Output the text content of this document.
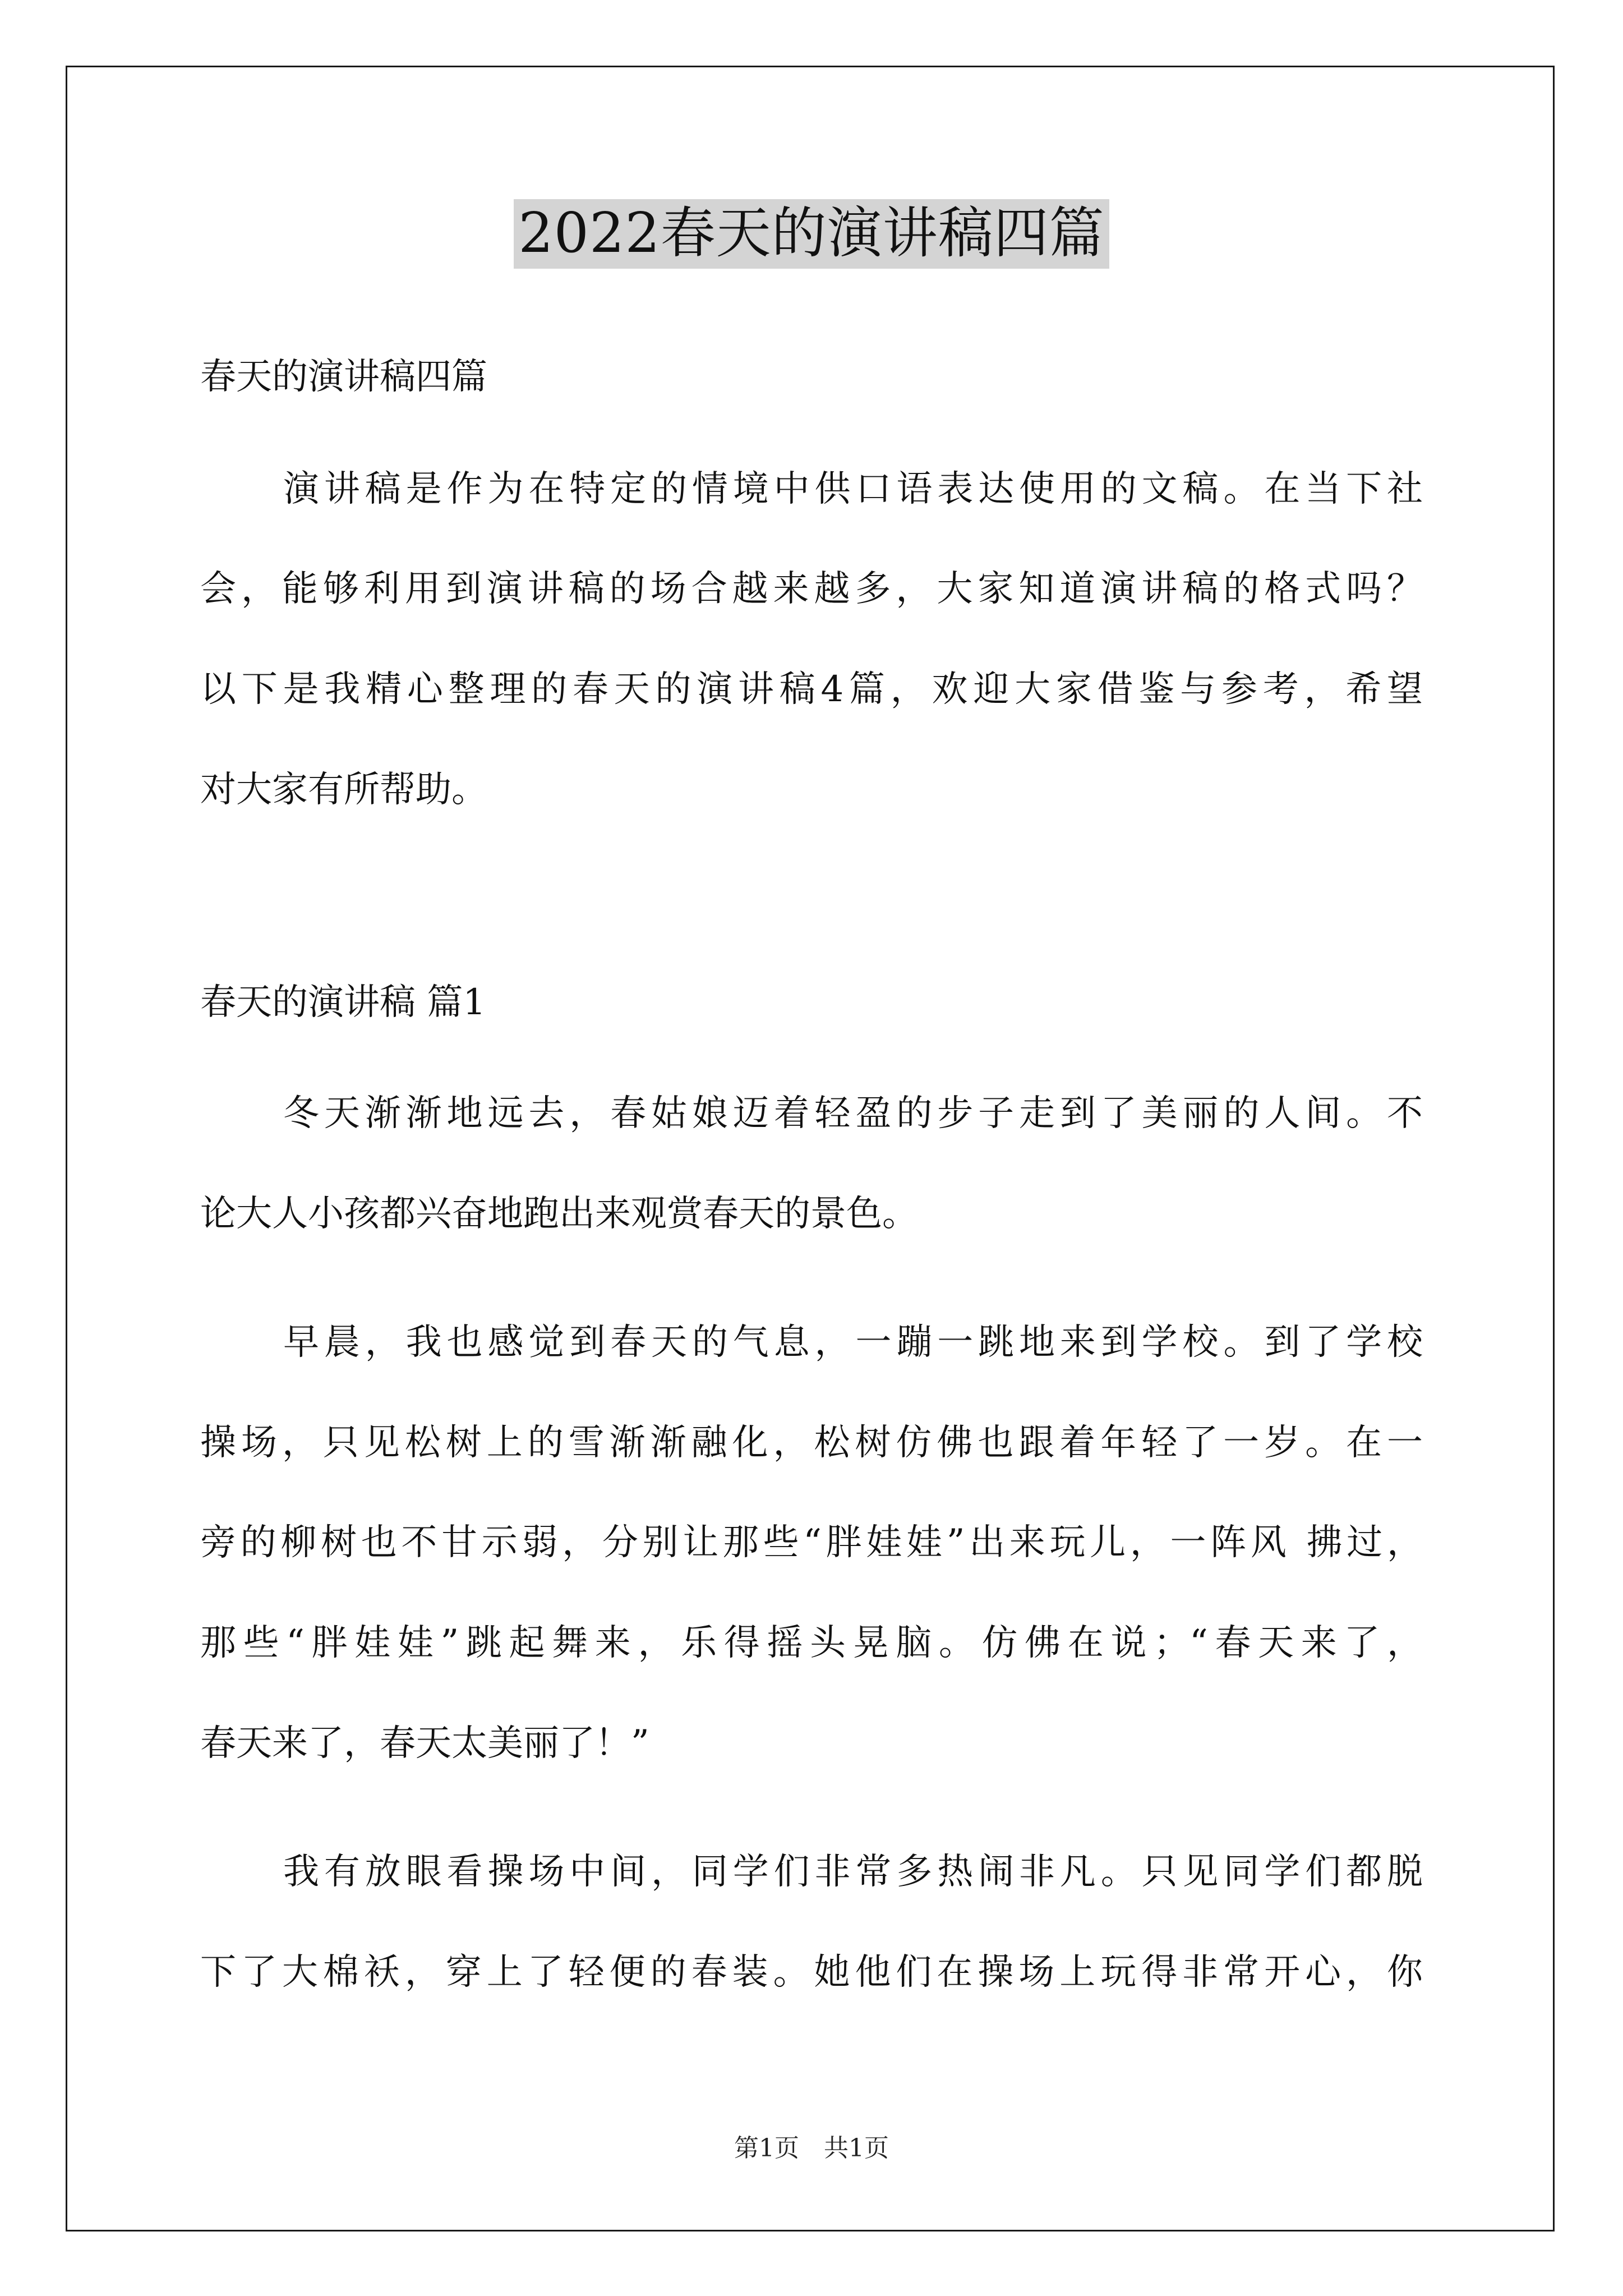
2022春天的演讲稿四篇
春天的演讲稿四篇
演讲稿是作为在特定的情境中供口语表达使用的文稿。在当下社
会，能够利用到演讲稿的场合越来越多，大家知道演讲稿的格式吗？
以下是我精心整理的春天的演讲稿4篇，欢迎大家借鉴与参考，希望
对大家有所帮助。
春天的演讲稿 篇1
冬天渐渐地远去，春姑娘迈着轻盈的步子走到了美丽的人间。不
论大人小孩都兴奋地跑出来观赏春天的景色。
早晨，我也感觉到春天的气息，一蹦一跳地来到学校。到了学校
操场，只见松树上的雪渐渐融化，松树仿佛也跟着年轻了一岁。在一
旁的柳树也不甘示弱，分别让那些“胖娃娃”出来玩儿，一阵风 拂过，
那些“胖娃娃”跳起舞来，乐得摇头晃脑。仿佛在说；“春天来了，
春天来了，春天太美丽了！”
我有放眼看操场中间，同学们非常多热闹非凡。只见同学们都脱
下了大棉袄，穿上了轻便的春装。她他们在操场上玩得非常开心，你
第1页　共1页
